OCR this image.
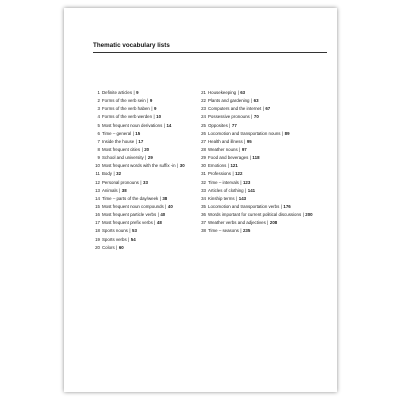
Thematic vocabulary lists
1 Definite articles | 9
2 Forms of the verb sein | 9
3 Forms of the verb haben | 9
4 Forms of the verb werden | 10
5 Most frequent noun derivations | 14
6 Time – general | 15
7 Inside the house | 17
8 Most frequent cities | 20
9 School and university | 29
10 Most frequent words with the suffix -in | 30
11 Body | 32
12 Personal pronouns | 33
13 Animals | 38
14 Time – parts of the day/week | 38
15 Most frequent noun compounds | 40
16 Most frequent particle verbs | 40
17 Most frequent prefix verbs | 48
18 Sports nouns | 53
19 Sports verbs | 54
20 Colors | 60
21 Housekeeping | 63
22 Plants and gardening | 63
23 Computers and the internet | 67
24 Possessive pronouns | 70
25 Opposites | 77
26 Locomotion and transportation nouns | 89
27 Health and illness | 95
28 Weather nouns | 97
29 Food and beverages | 118
30 Emotions | 121
31 Professions | 122
32 Time – intervals | 123
33 Articles of clothing | 141
34 Kinship terms | 143
35 Locomotion and transportation verbs | 176
36 Words important for current political discussions | 200
37 Weather verbs and adjectives | 208
38 Time – seasons | 235
